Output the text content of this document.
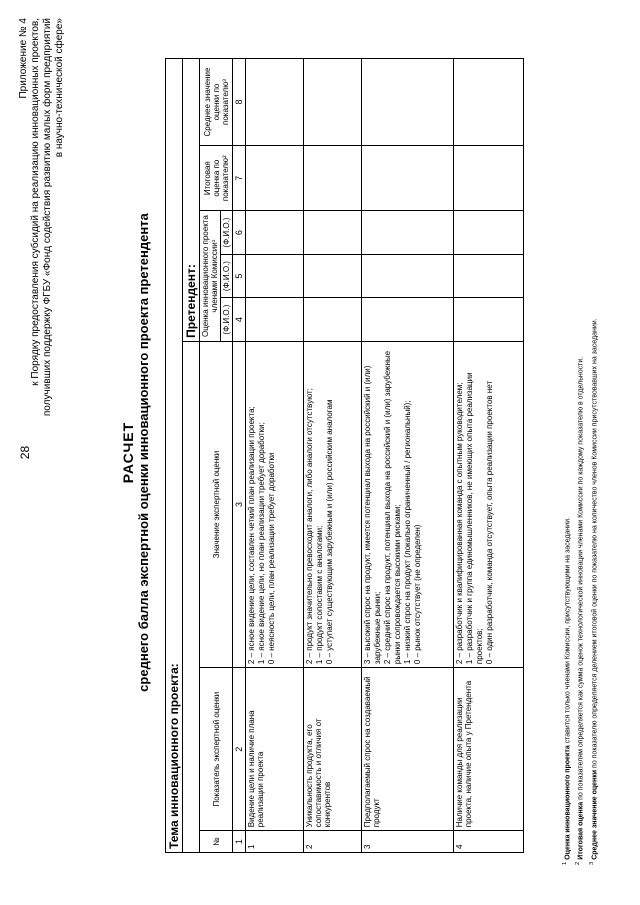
28
Приложение № 4 к Порядку предоставления субсидий на реализацию инновационных проектов, получивших поддержку ФГБУ «Фонд содействия развитию малых форм предприятий в научно-технической сфере»
РАСЧЕТ среднего балла экспертной оценки инновационного проекта претендента
Тема инновационного проекта:							
			Претендент:				
№	Показатель экспертной оценки	Значение экспертной оценки	Оценка инновационного проекта членами Комиссии¹			Итоговая оценка по показателю²	Среднее значение оценки по показателю³
			(Ф.И.О.)	(Ф.И.О.)	(Ф.И.О.)		
1	2	3	4	5	6	7	8
1	Видение цели и наличие плана реализации проекта	2 – ясное видение цели, составлен четкий план реализации проекта; 1 – ясное видение цели, но план реализации требует доработки; 0 – неясность цели, план реализации требует доработки					

2	Уникальность продукта, его сопоставимость и отличия от конкурентов	2 – продукт значительно превосходит аналоги, либо аналоги отсутствуют; 1 – продукт сопоставим с аналогами; 0 – уступает существующим зарубежным и (или) российским аналогам					

3	Предполагаемый спрос на создаваемый продукт	3 – высокий спрос на продукт, имеется потенциал выхода на российский и (или) зарубежные рынки; 2 – средний спрос на продукт, потенциал выхода на российский и (или) зарубежные рынки сопровождается высокими рисками; 1 – низкий спрос на продукт (локально ограниченный / региональный); 0 – рынок отсутствует (не определен)					

4	Наличие команды для реализации проекта, наличие опыта у Претендента	2 – разработчик и квалифицированная команда с опытным руководителем; 1 – разработчик и группа единомышленников, не имеющих опыта реализации проектов; 0 – один разработчик, команда отсутствует, опыта реализации проектов нет					

$^1$ Оценка инновационного проекта ставится только членами Комиссии, присутствующими на заседании.
$^2$ Итоговая оценка по показателям определяется как сумма оценок технологической инновации членами Комиссии по каждому показателю в отдельности.
$^3$ Среднее значение оценки по показателю определяется делением итоговой оценки по показателю на количество членов Комиссии присутствовавших на заседании.
